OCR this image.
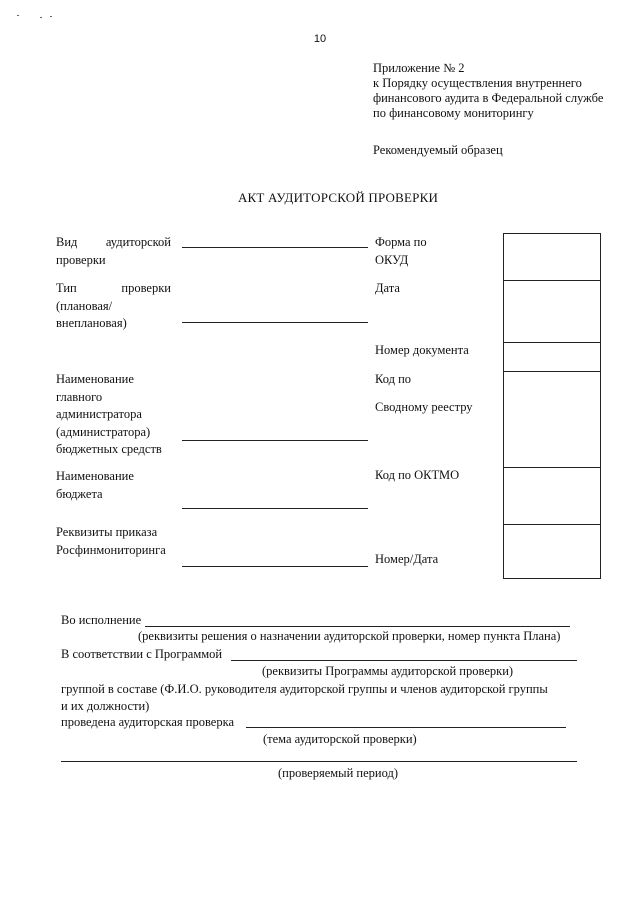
10
Приложение № 2
к Порядку осуществления внутреннего
финансового аудита в Федеральной службе
по финансовому мониторингу
Рекомендуемый образец
АКТ АУДИТОРСКОЙ ПРОВЕРКИ
Вид аудиторской
проверки
Тип	проверки
(плановая/
внеплановая)
Наименование
главного
администратора
(администратора)
бюджетных средств
Наименование
бюджета
Реквизиты приказа
Росфинмониторинга
Форма по
ОКУД
Дата
Номер документа
Код по
Сводному реестру
Код по ОКТМО
Номер/Дата
Во исполнение
(реквизиты решения о назначении аудиторской проверки, номер пункта Плана)
В соответствии с Программой
(реквизиты Программы аудиторской проверки)
группой в составе (Ф.И.О. руководителя аудиторской группы и членов аудиторской группы
и их должности)
проведена аудиторская проверка
(тема аудиторской проверки)
(проверяемый период)
